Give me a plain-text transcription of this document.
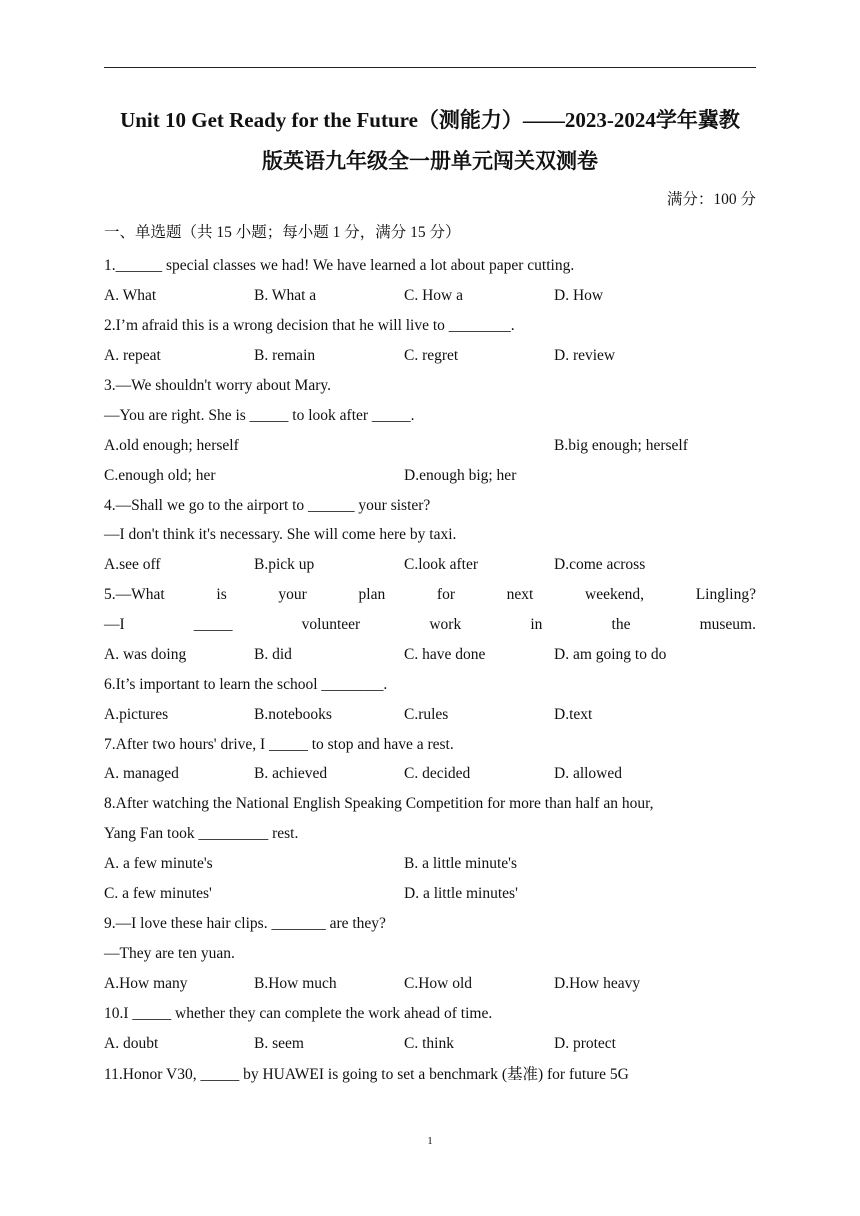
Unit 10 Get Ready for the Future（测能力）——2023-2024学年冀教
版英语九年级全一册单元闯关双测卷
满分：100 分
一、单选题（共 15 小题；每小题 1 分，满分 15 分）
1.______ special classes we had! We have learned a lot about paper cutting.
A. What	B. What a	C. How a	D. How
2.I’m afraid this is a wrong decision that he will live to ________.
A. repeat	B. remain	C. regret	D. review
3.—We shouldn't worry about Mary.
—You are right. She is _____ to look after _____.
A.old enough; herself	B.big enough; herself
C.enough old; her	D.enough big; her
4.—Shall we go to the airport to ______ your sister?
—I don't think it's necessary. She will come here by taxi.
A.see off	B.pick up	C.look after	D.come across
5.—What	is	your	plan	for	next	weekend,	Lingling?
—I	_____	volunteer	work	in	the	museum.
A. was doing	B. did	C. have done	D. am going to do
6.It’s important to learn the school ________.
A.pictures	B.notebooks	C.rules	D.text
7.After two hours' drive, I _____ to stop and have a rest.
A. managed	B. achieved	C. decided	D. allowed
8.After watching the National English Speaking Competition for more than half an hour,
Yang Fan took _________ rest.
A. a few minute's	B. a little minute's
C. a few minutes'	D. a little minutes'
9.—I love these hair clips. _______ are they?
—They are ten yuan.
A.How many	B.How much	C.How old	D.How heavy
10.I _____ whether they can complete the work ahead of time.
A. doubt	B. seem	C. think	D. protect
11.Honor V30, _____ by HUAWEI is going to set a benchmark (基准) for future 5G
1
